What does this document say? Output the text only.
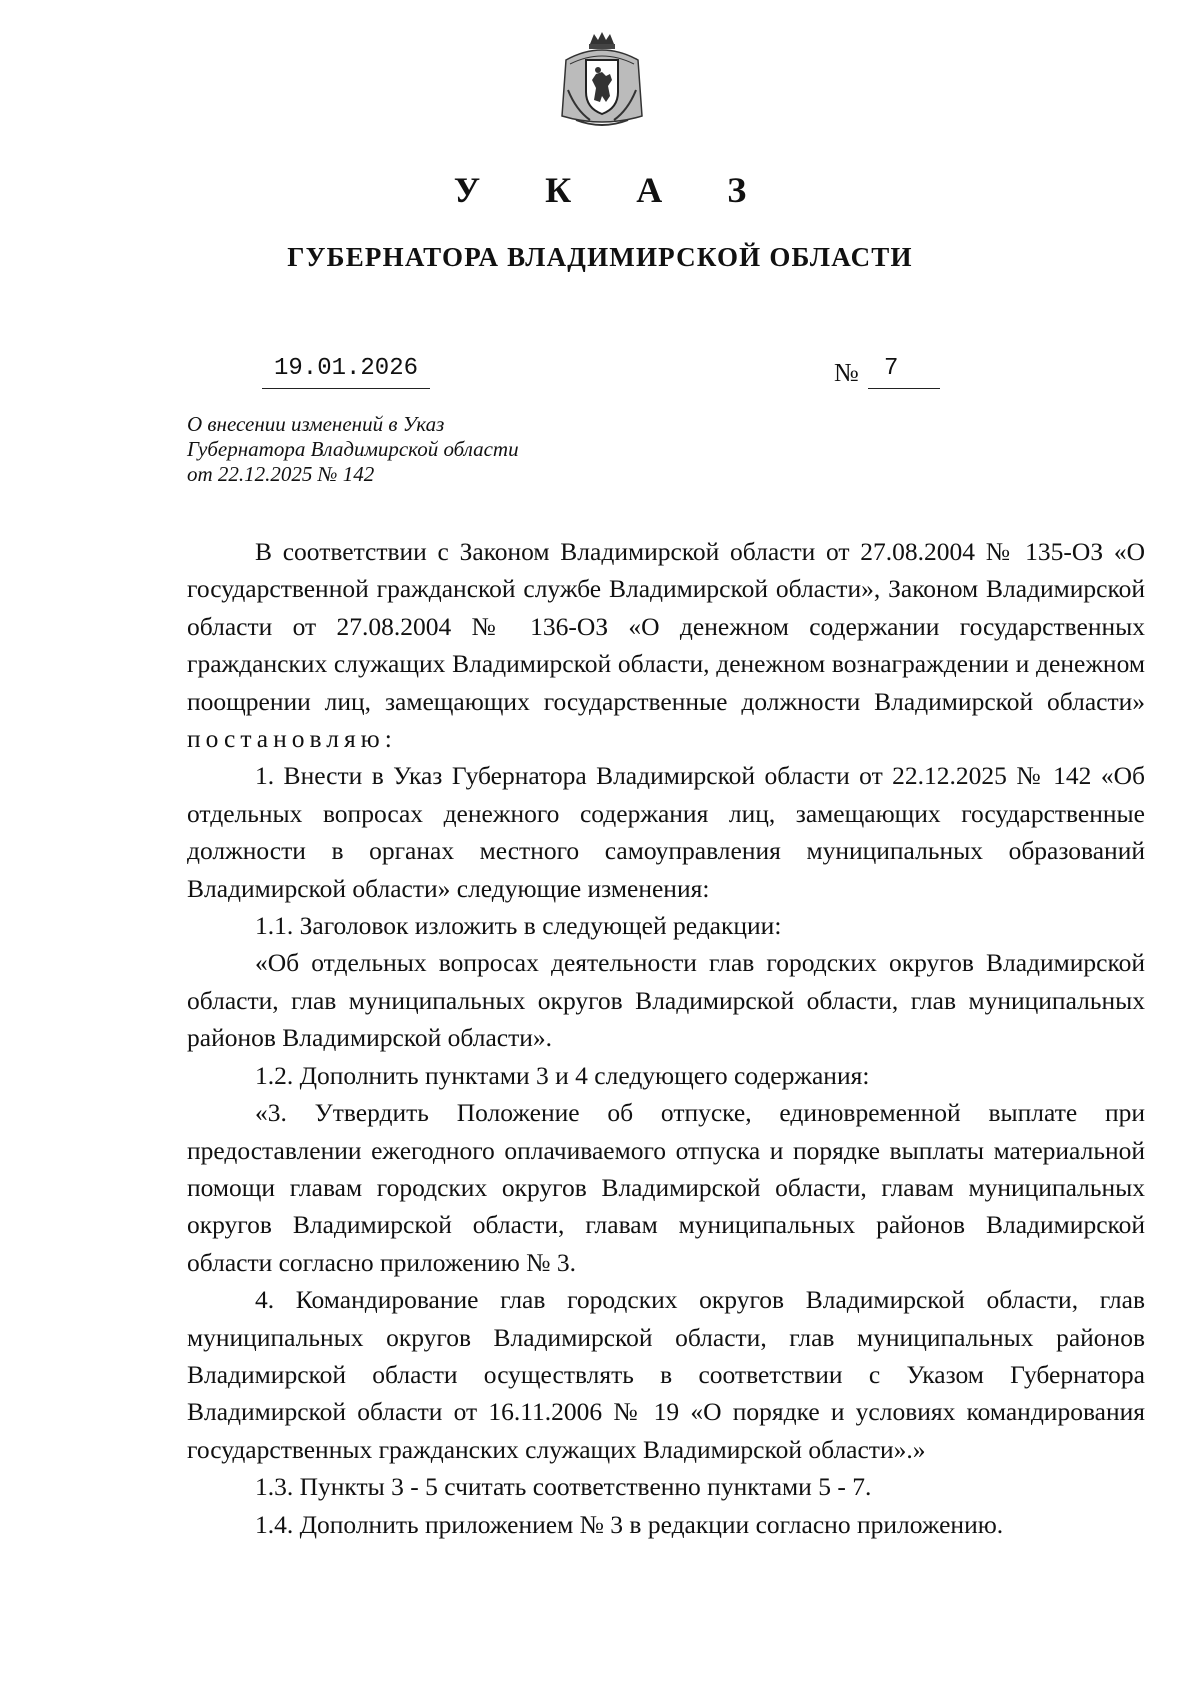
У К А З
ГУБЕРНАТОРА ВЛАДИМИРСКОЙ ОБЛАСТИ
19.01.2026	№	7
О внесении изменений в Указ
Губернатора Владимирской области
от 22.12.2025 № 142

В соответствии с Законом Владимирской области от 27.08.2004 № 135-ОЗ «О государственной гражданской службе Владимирской области», Законом Владимирской области от 27.08.2004 № 136-ОЗ «О денежном содержании государственных гражданских служащих Владимирской области, денежном вознаграждении и денежном поощрении лиц, замещающих государственные должности Владимирской области» постановляю:

1. Внести в Указ Губернатора Владимирской области от 22.12.2025 № 142 «Об отдельных вопросах денежного содержания лиц, замещающих государственные должности в органах местного самоуправления муниципальных образований Владимирской области» следующие изменения:

1.1. Заголовок изложить в следующей редакции:

«Об отдельных вопросах деятельности глав городских округов Владимирской области, глав муниципальных округов Владимирской области, глав муниципальных районов Владимирской области».

1.2. Дополнить пунктами 3 и 4 следующего содержания:

«3. Утвердить Положение об отпуске, единовременной выплате при предоставлении ежегодного оплачиваемого отпуска и порядке выплаты материальной помощи главам городских округов Владимирской области, главам муниципальных округов Владимирской области, главам муниципальных районов Владимирской области согласно приложению № 3.

4. Командирование глав городских округов Владимирской области, глав муниципальных округов Владимирской области, глав муниципальных районов Владимирской области осуществлять в соответствии с Указом Губернатора Владимирской области от 16.11.2006 № 19 «О порядке и условиях командирования государственных гражданских служащих Владимирской области».»

1.3. Пункты 3 - 5 считать соответственно пунктами 5 - 7.

1.4. Дополнить приложением № 3 в редакции согласно приложению.
